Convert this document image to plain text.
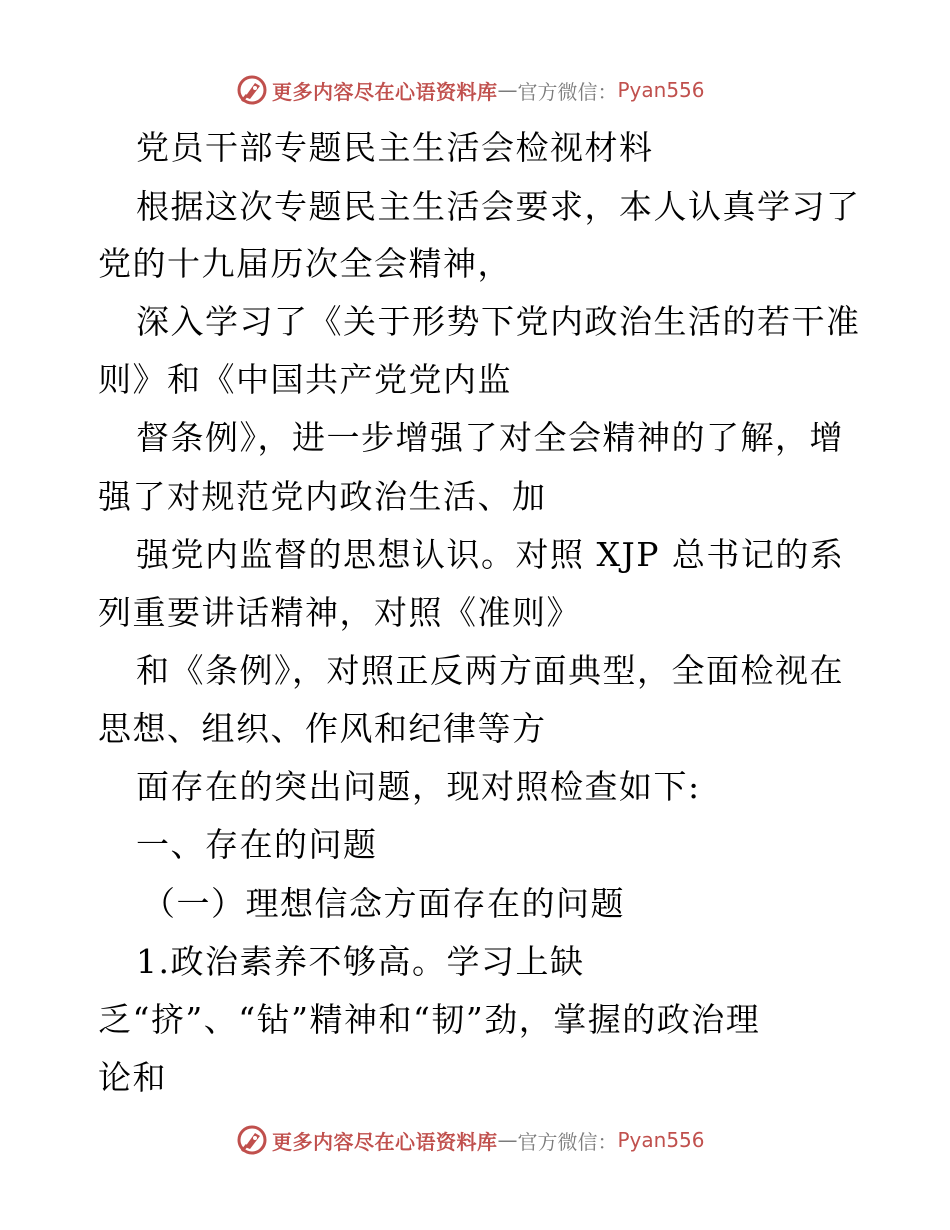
更多内容尽在心语资料库 — 官方微信： Pyan556
党员干部专题民主生活会检视材料
根据这次专题民主生活会要求，本人认真学习了
党的十九届历次全会精神，
深入学习了《关于形势下党内政治生活的若干准
则》和《中国共产党党内监
督条例》，进一步增强了对全会精神的了解，增
强了对规范党内政治生活、加
强党内监督的思想认识。对照 XJP 总书记的系
列重要讲话精神，对照《准则》
和《条例》，对照正反两方面典型，全面检视在
思想、组织、作风和纪律等方
面存在的突出问题，现对照检查如下:
一、存在的问题
（一）理想信念方面存在的问题
1.政治素养不够高。学习上缺
乏“挤”、“钻”精神和“韧”劲，掌握的政治理
论和
更多内容尽在心语资料库 — 官方微信： Pyan556
